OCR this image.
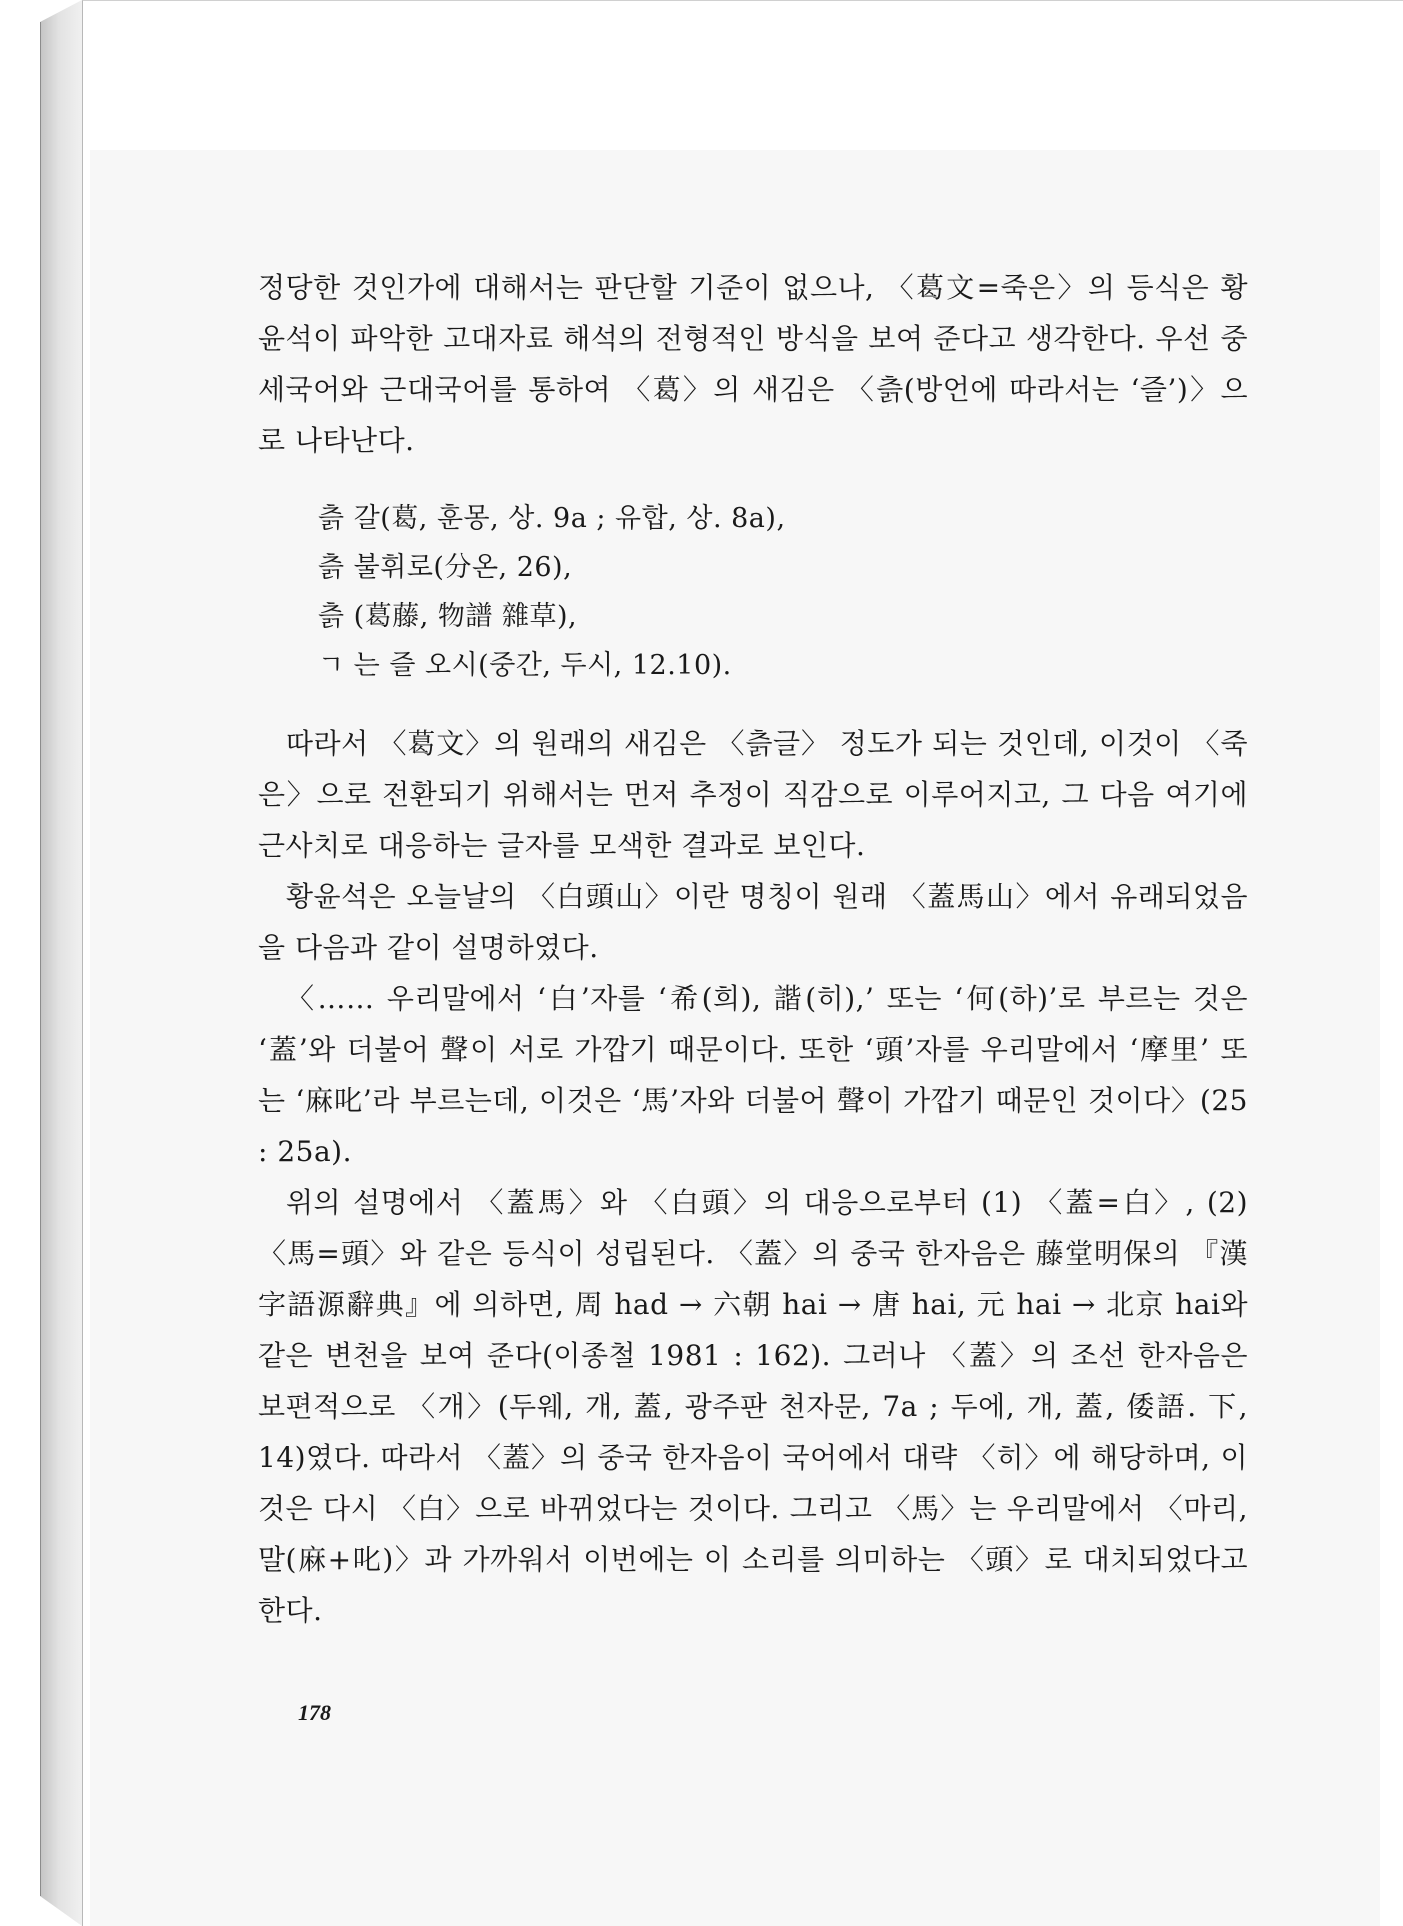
정당한 것인가에 대해서는 판단할 기준이 없으나, 〈葛文=죽은〉의 등식은 황윤석이 파악한 고대자료 해석의 전형적인 방식을 보여 준다고 생각한다. 우선 중세국어와 근대국어를 통하여 〈葛〉의 새김은 〈츩(방언에 따라서는 ‘즐’)〉으로 나타난다.

츩 갈(葛, 훈몽, 상. 9a ; 유합, 상. 8a),

츩 불휘로(分온, 26),

츩 (葛藤, 物譜 雜草),

ㄱ 는 즐 오시(중간, 두시, 12.10).

따라서 〈葛文〉의 원래의 새김은 〈츩글〉 정도가 되는 것인데, 이것이 〈죽은〉으로 전환되기 위해서는 먼저 추정이 직감으로 이루어지고, 그 다음 여기에 근사치로 대응하는 글자를 모색한 결과로 보인다.

황윤석은 오늘날의 〈白頭山〉이란 명칭이 원래 〈蓋馬山〉에서 유래되었음을 다음과 같이 설명하였다.

〈…… 우리말에서 ‘白’자를 ‘希(희), 諧(히),’ 또는 ‘何(하)’로 부르는 것은 ‘蓋’와 더불어 聲이 서로 가깝기 때문이다. 또한 ‘頭’자를 우리말에서 ‘摩里’ 또는 ‘麻叱’라 부르는데, 이것은 ‘馬’자와 더불어 聲이 가깝기 때문인 것이다〉(25 : 25a).

위의 설명에서 〈蓋馬〉와 〈白頭〉의 대응으로부터 (1) 〈蓋=白〉, (2) 〈馬=頭〉와 같은 등식이 성립된다. 〈蓋〉의 중국 한자음은 藤堂明保의 『漢字語源辭典』에 의하면, 周 had → 六朝 hai → 唐 hai, 元 hai → 北京 hai와 같은 변천을 보여 준다(이종철 1981 : 162). 그러나 〈蓋〉의 조선 한자음은 보편적으로 〈개〉(두웨, 개, 蓋, 광주판 천자문, 7a ; 두에, 개, 蓋, 倭語. 下, 14)였다. 따라서 〈蓋〉의 중국 한자음이 국어에서 대략 〈히〉에 해당하며, 이것은 다시 〈白〉으로 바뀌었다는 것이다. 그리고 〈馬〉는 우리말에서 〈마리, 말(麻+叱)〉과 가까워서 이번에는 이 소리를 의미하는 〈頭〉로 대치되었다고 한다.

178
